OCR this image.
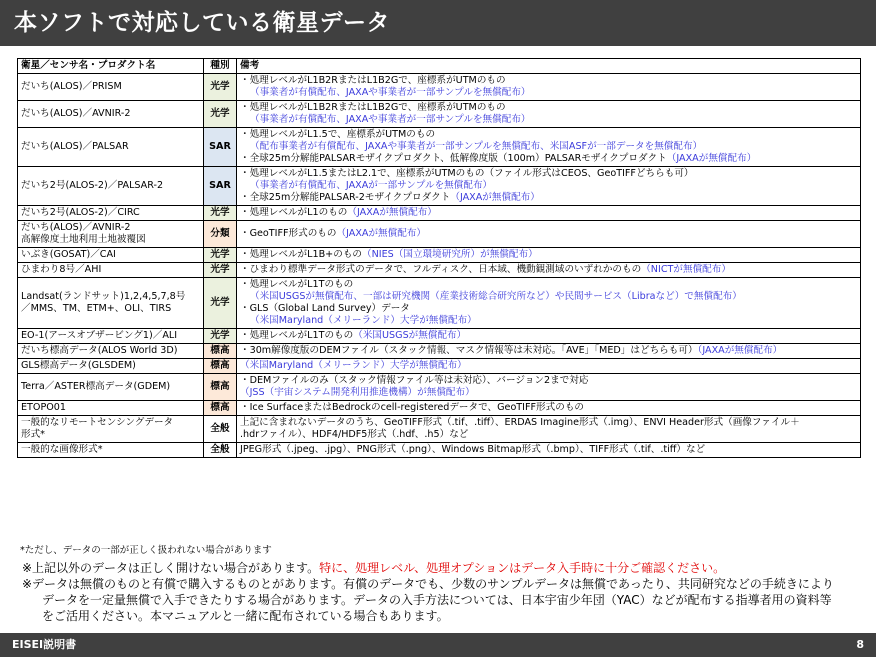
本ソフトで対応している衛星データ
衛星／センサ名・プロダクト名	種別	備考

だいち(ALOS)／PRISM	光学	・処理レベルがL1B2RまたはL1B2Gで、座標系がUTMのもの
（事業者が有償配布、JAXAや事業者が一部サンプルを無償配布）

だいち(ALOS)／AVNIR-2	光学	・処理レベルがL1B2RまたはL1B2Gで、座標系がUTMのもの
（事業者が有償配布、JAXAや事業者が一部サンプルを無償配布）

だいち(ALOS)／PALSAR	SAR	・処理レベルがL1.5で、座標系がUTMのもの
（配布事業者が有償配布、JAXAや事業者が一部サンプルを無償配布、米国ASFが一部データを無償配布）
・全球25m分解能PALSARモザイクプロダクト、低解像度版（100m）PALSARモザイクプロダクト（JAXAが無償配布）

だいち2号(ALOS-2)／PALSAR-2	SAR	・処理レベルがL1.5またはL2.1で、座標系がUTMのもの（ファイル形式はCEOS、GeoTIFFどちらも可）
（事業者が有償配布、JAXAが一部サンプルを無償配布）
・全球25m分解能PALSAR-2モザイクプロダクト（JAXAが無償配布）

だいち2号(ALOS-2)／CIRC	光学	・処理レベルがL1のもの（JAXAが無償配布）

だいち(ALOS)／AVNIR-2
高解像度土地利用土地被覆図	分類	・GeoTIFF形式のもの（JAXAが無償配布）

いぶき(GOSAT)／CAI	光学	・処理レベルがL1B+のもの（NIES（国立環境研究所）が無償配布）

ひまわり8号／AHI	光学	・ひまわり標準データ形式のデータで、フルディスク、日本域、機動観測域のいずれかのもの（NICTが無償配布）

Landsat(ランドサット)1,2,4,5,7,8号
／MMS、TM、ETM+、OLI、TIRS	光学	・処理レベルがL1Tのもの
（米国USGSが無償配布、一部は研究機関（産業技術総合研究所など）や民間サービス（Libraなど）で無償配布）
・GLS（Global Land Survey）データ
（米国Maryland（メリーランド）大学が無償配布）

EO-1(アースオブザービング1)／ALI	光学	・処理レベルがL1Tのもの（米国USGSが無償配布）

だいち標高データ(ALOS World 3D)	標高	・30m解像度版のDEMファイル（スタック情報、マスク情報等は未対応。「AVE」「MED」はどちらも可）（JAXAが無償配布）

GLS標高データ(GLSDEM)	標高	（米国Maryland（メリーランド）大学が無償配布）

Terra／ASTER標高データ(GDEM)	標高	・DEMファイルのみ（スタック情報ファイル等は未対応）、バージョン2まで対応
（JSS（宇宙システム開発利用推進機構）が無償配布）

ETOPO01	標高	・Ice SurfaceまたはBedrockのcell-registeredデータで、GeoTIFF形式のもの

一般的なリモートセンシングデータ
形式*	全般	上記に含まれないデータのうち、GeoTIFF形式（.tif、.tiff）、ERDAS Imagine形式（.img）、ENVI Header形式（画像ファイル＋
.hdrファイル）、HDF4/HDF5形式（.hdf、.h5）など

一般的な画像形式*	全般	JPEG形式（.jpeg、.jpg）、PNG形式（.png）、Windows Bitmap形式（.bmp）、TIFF形式（.tif、.tiff）など
*ただし、データの一部が正しく扱われない場合があります
※上記以外のデータは正しく開けない場合があります。特に、処理レベル、処理オプションはデータ入手時に十分ご確認ください。
※データは無償のものと有償で購入するものとがあります。有償のデータでも、少数のサンプルデータは無償であったり、共同研究などの手続きにより
データを一定量無償で入手できたりする場合があります。データの入手方法については、日本宇宙少年団（YAC）などが配布する指導者用の資料等
をご活用ください。本マニュアルと一緒に配布されている場合もあります。
EISEI説明書	8
